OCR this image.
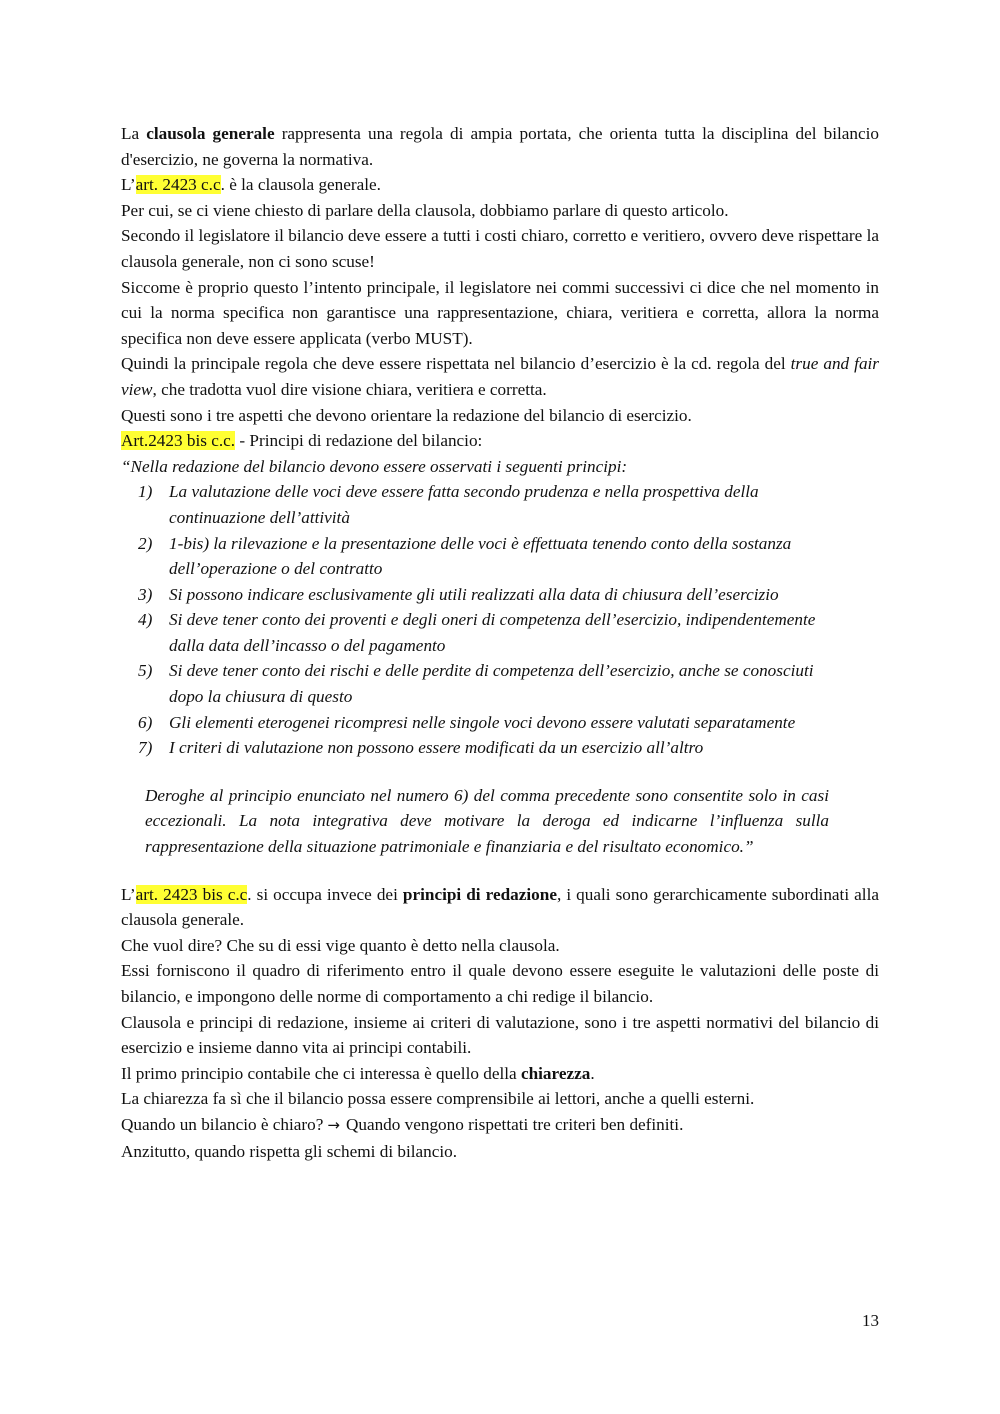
La clausola generale rappresenta una regola di ampia portata, che orienta tutta la disciplina del bilancio d'esercizio, ne governa la normativa.

L’art. 2423 c.c. è la clausola generale.

Per cui, se ci viene chiesto di parlare della clausola, dobbiamo parlare di questo articolo.

Secondo il legislatore il bilancio deve essere a tutti i costi chiaro, corretto e veritiero, ovvero deve rispettare la clausola generale, non ci sono scuse!

Siccome è proprio questo l’intento principale, il legislatore nei commi successivi ci dice che nel momento in cui la norma specifica non garantisce una rappresentazione, chiara, veritiera e corretta, allora la norma specifica non deve essere applicata (verbo MUST).

Quindi la principale regola che deve essere rispettata nel bilancio d’esercizio è la cd. regola del true and fair view, che tradotta vuol dire visione chiara, veritiera e corretta.

Questi sono i tre aspetti che devono orientare la redazione del bilancio di esercizio.

Art.2423 bis c.c. - Principi di redazione del bilancio:

“Nella redazione del bilancio devono essere osservati i seguenti principi:

1) La valutazione delle voci deve essere fatta secondo prudenza e nella prospettiva della continuazione dell’attività
2) 1-bis) la rilevazione e la presentazione delle voci è effettuata tenendo conto della sostanza dell’operazione o del contratto
3) Si possono indicare esclusivamente gli utili realizzati alla data di chiusura dell’esercizio
4) Si deve tener conto dei proventi e degli oneri di competenza dell’esercizio, indipendentemente dalla data dell’incasso o del pagamento
5) Si deve tener conto dei rischi e delle perdite di competenza dell’esercizio, anche se conosciuti dopo la chiusura di questo
6) Gli elementi eterogenei ricompresi nelle singole voci devono essere valutati separatamente
7) I criteri di valutazione non possono essere modificati da un esercizio all’altro

Deroghe al principio enunciato nel numero 6) del comma precedente sono consentite solo in casi eccezionali. La nota integrativa deve motivare la deroga ed indicarne l’influenza sulla rappresentazione della situazione patrimoniale e finanziaria e del risultato economico.”

L’art. 2423 bis c.c. si occupa invece dei principi di redazione, i quali sono gerarchicamente subordinati alla clausola generale.

Che vuol dire? Che su di essi vige quanto è detto nella clausola.

Essi forniscono il quadro di riferimento entro il quale devono essere eseguite le valutazioni delle poste di bilancio, e impongono delle norme di comportamento a chi redige il bilancio.

Clausola e principi di redazione, insieme ai criteri di valutazione, sono i tre aspetti normativi del bilancio di esercizio e insieme danno vita ai principi contabili.

Il primo principio contabile che ci interessa è quello della chiarezza.

La chiarezza fa sì che il bilancio possa essere comprensibile ai lettori, anche a quelli esterni.

Quando un bilancio è chiaro? → Quando vengono rispettati tre criteri ben definiti.

Anzitutto, quando rispetta gli schemi di bilancio.

13
